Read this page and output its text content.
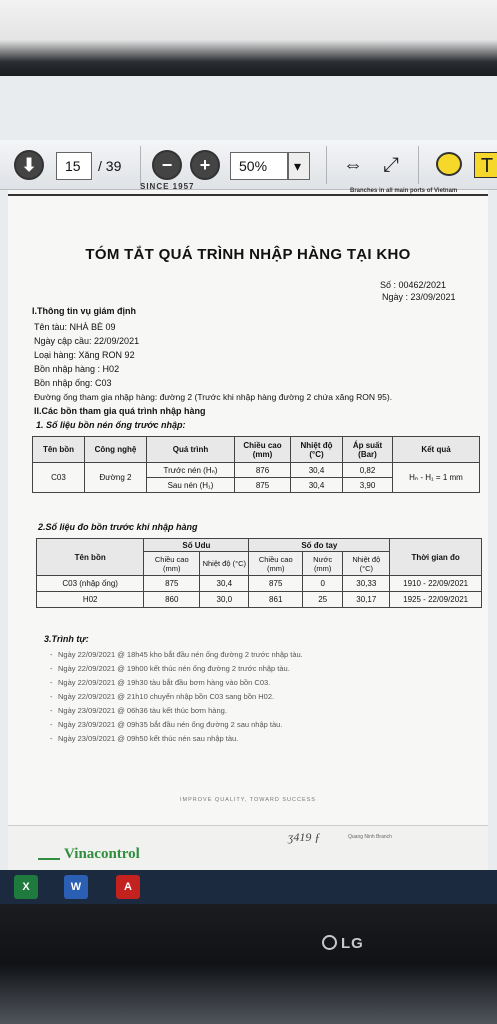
⬇	15	/ 39	−	+	50%	▾	⇔ ⤢	T
SINCE 1957	Branches in all main ports of Vietnam
TÓM TẮT QUÁ TRÌNH NHẬP HÀNG TẠI KHO
Số : 00462/2021
Ngày : 23/09/2021
I.Thông tin vụ giám định
Tên tàu: NHÀ BÈ 09
Ngày cập cầu: 22/09/2021
Loại hàng: Xăng RON 92
Bồn nhập hàng : H02
Bồn nhập ống: C03
Đường ống tham gia nhập hàng: đường 2 (Trước khi nhập hàng đường 2 chứa xăng RON 95).
II.Các bồn tham gia quá trình nhập hàng
1. Số liệu bồn nén ống trước nhập:
Tên bồn	Công nghệ	Quá trình	Chiều cao (mm)	Nhiệt độ (°C)	Áp suất (Bar)	Kết quả
C03	Đường 2	Trước nén (Hₙ)	876	30,4	0,82	Hₙ - H₁ = 1 mm
		Sau nén (H₁)	875	30,4	3,90	
2.Số liệu đo bồn trước khi nhập hàng
Tên bồn	Số Udu		Số đo tay			Thời gian đo
	Chiều cao (mm)	Nhiệt độ (°C)	Chiều cao (mm)	Nước (mm)	Nhiệt độ (°C)	
C03 (nhập ống)	875	30,4	875	0	30,33	1910 - 22/09/2021
H02	860	30,0	861	25	30,17	1925 - 22/09/2021
3.Trình tự:
- Ngày 22/09/2021 @ 18h45 kho bắt đầu nén ống đường 2 trước nhập tàu.
- Ngày 22/09/2021 @ 19h00 kết thúc nén ống đường 2 trước nhập tàu.
- Ngày 22/09/2021 @ 19h30 tàu bắt đầu bơm hàng vào bồn C03.
- Ngày 22/09/2021 @ 21h10 chuyển nhập bồn C03 sang bồn H02.
- Ngày 23/09/2021 @ 06h36 tàu kết thúc bơm hàng.
- Ngày 23/09/2021 @ 09h35 bắt đầu nén ống đường 2 sau nhập tàu.
- Ngày 23/09/2021 @ 09h50 kết thúc nén sau nhập tàu.
IMPROVE QUALITY, TOWARD SUCCESS
Vinacontrol
ʒ419 ƒ	Quang Ninh Branch
X	W	A
LG
